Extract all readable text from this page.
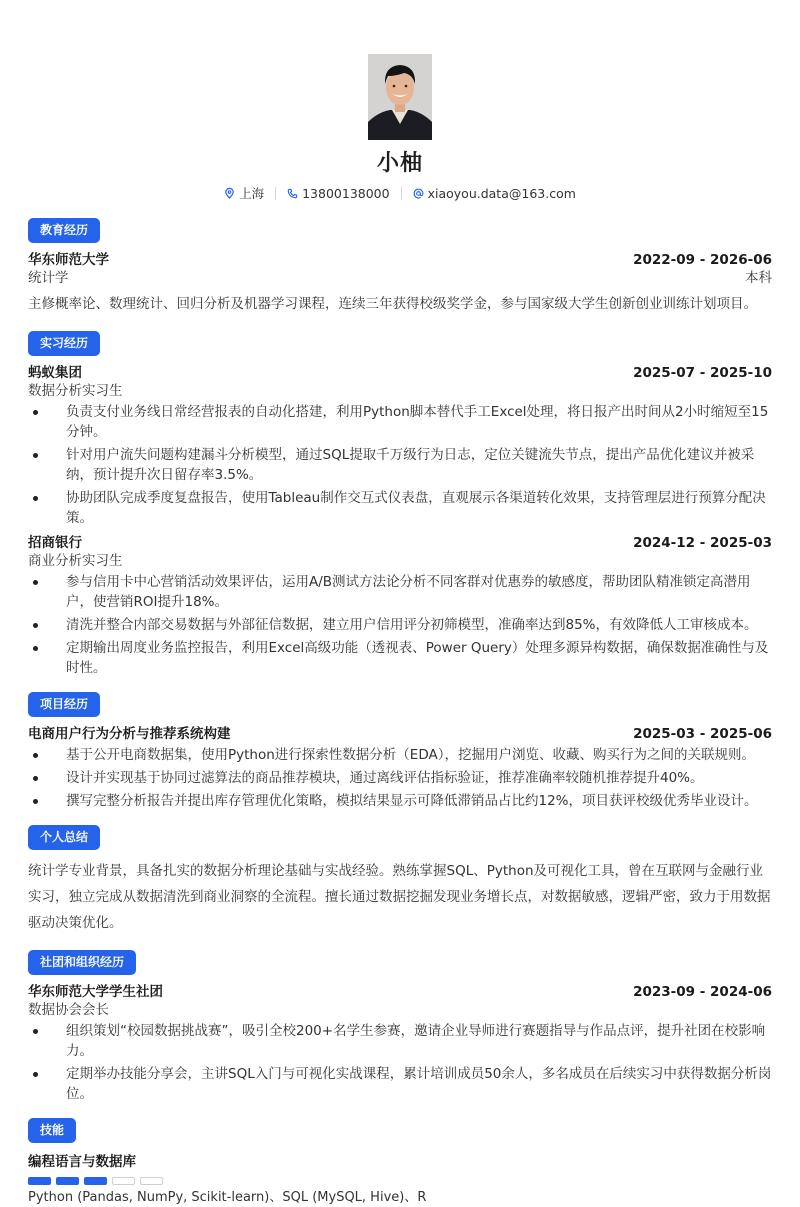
小柚
上海	13800138000	xiaoyou.data@163.com
教育经历
华东师范大学	2022-09 - 2026-06
统计学	本科
主修概率论、数理统计、回归分析及机器学习课程，连续三年获得校级奖学金，参与国家级大学生创新创业训练计划项目。
实习经历
蚂蚁集团	2025-07 - 2025-10
数据分析实习生
负责支付业务线日常经营报表的自动化搭建，利用Python脚本替代手工Excel处理，将日报产出时间从2小时缩短至15分钟。
针对用户流失问题构建漏斗分析模型，通过SQL提取千万级行为日志，定位关键流失节点，提出产品优化建议并被采纳，预计提升次日留存率3.5%。
协助团队完成季度复盘报告，使用Tableau制作交互式仪表盘，直观展示各渠道转化效果，支持管理层进行预算分配决策。
招商银行	2024-12 - 2025-03
商业分析实习生
参与信用卡中心营销活动效果评估，运用A/B测试方法论分析不同客群对优惠券的敏感度，帮助团队精准锁定高潜用户，使营销ROI提升18%。
清洗并整合内部交易数据与外部征信数据，建立用户信用评分初筛模型，准确率达到85%，有效降低人工审核成本。
定期输出周度业务监控报告，利用Excel高级功能（透视表、Power Query）处理多源异构数据，确保数据准确性与及时性。
项目经历
电商用户行为分析与推荐系统构建	2025-03 - 2025-06
基于公开电商数据集，使用Python进行探索性数据分析（EDA），挖掘用户浏览、收藏、购买行为之间的关联规则。
设计并实现基于协同过滤算法的商品推荐模块，通过离线评估指标验证，推荐准确率较随机推荐提升40%。
撰写完整分析报告并提出库存管理优化策略，模拟结果显示可降低滞销品占比约12%，项目获评校级优秀毕业设计。
个人总结
统计学专业背景，具备扎实的数据分析理论基础与实战经验。熟练掌握SQL、Python及可视化工具，曾在互联网与金融行业实习，独立完成从数据清洗到商业洞察的全流程。擅长通过数据挖掘发现业务增长点，对数据敏感，逻辑严密，致力于用数据驱动决策优化。
社团和组织经历
华东师范大学学生社团	2023-09 - 2024-06
数据协会会长
组织策划“校园数据挑战赛”，吸引全校200+名学生参赛，邀请企业导师进行赛题指导与作品点评，提升社团在校影响力。
定期举办技能分享会，主讲SQL入门与可视化实战课程，累计培训成员50余人，多名成员在后续实习中获得数据分析岗位。
技能
编程语言与数据库
Python (Pandas, NumPy, Scikit-learn)、SQL (MySQL, Hive)、R
